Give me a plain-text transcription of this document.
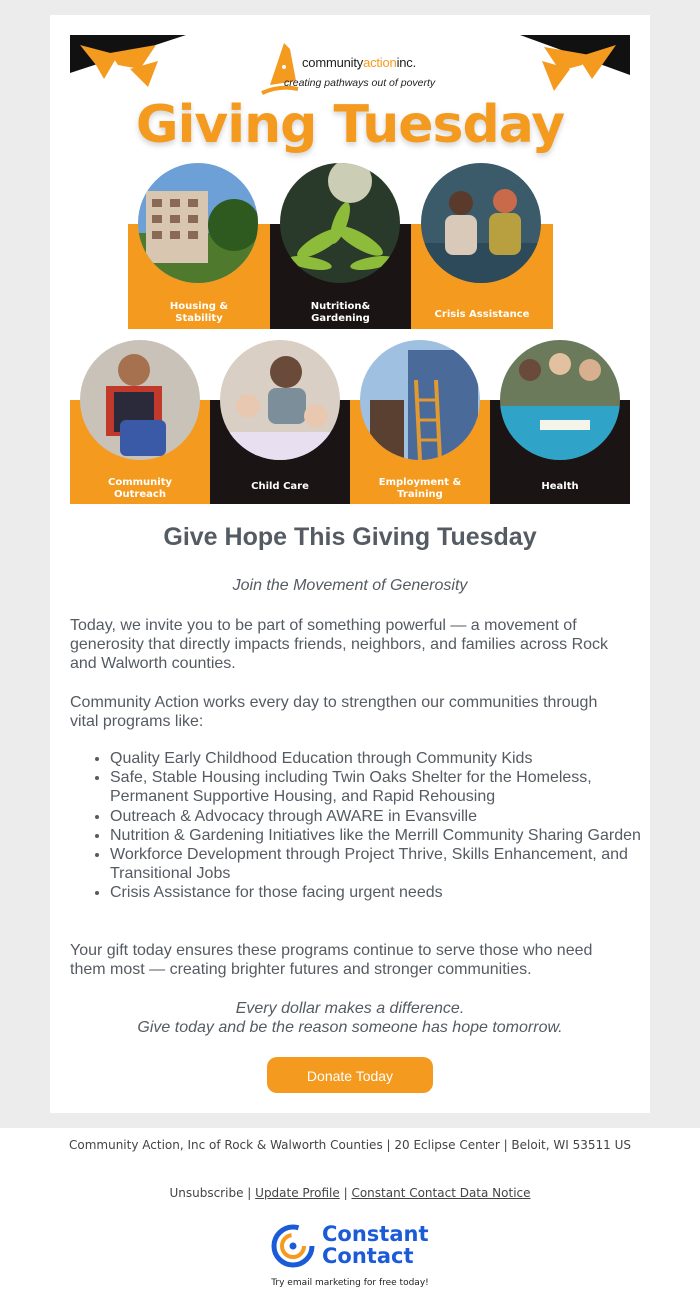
communityactioninc.
creating pathways out of poverty
Giving Tuesday
Housing &
Stability
Nutrition&
Gardening	Crisis Assistance
Community
Outreach
Child Care	Employment &
Training
Health
Give Hope This Giving Tuesday
Join the Movement of Generosity

Today, we invite you to be part of something powerful — a movement of generosity that directly impacts friends, neighbors, and families across Rock and Walworth counties.

Community Action works every day to strengthen our communities through vital programs like:

• Quality Early Childhood Education through Community Kids
• Safe, Stable Housing including Twin Oaks Shelter for the Homeless, Permanent Supportive Housing, and Rapid Rehousing
• Outreach & Advocacy through AWARE in Evansville
• Nutrition & Gardening Initiatives like the Merrill Community Sharing Garden
• Workforce Development through Project Thrive, Skills Enhancement, and Transitional Jobs
• Crisis Assistance for those facing urgent needs

Your gift today ensures these programs continue to serve those who need them most — creating brighter futures and stronger communities.

Every dollar makes a difference.
Give today and be the reason someone has hope tomorrow.
Donate Today
Community Action, Inc of Rock & Walworth Counties | 20 Eclipse Center | Beloit, WI 53511 US
Unsubscribe | Update Profile | Constant Contact Data Notice
Constant
Contact
Try email marketing for free today!
